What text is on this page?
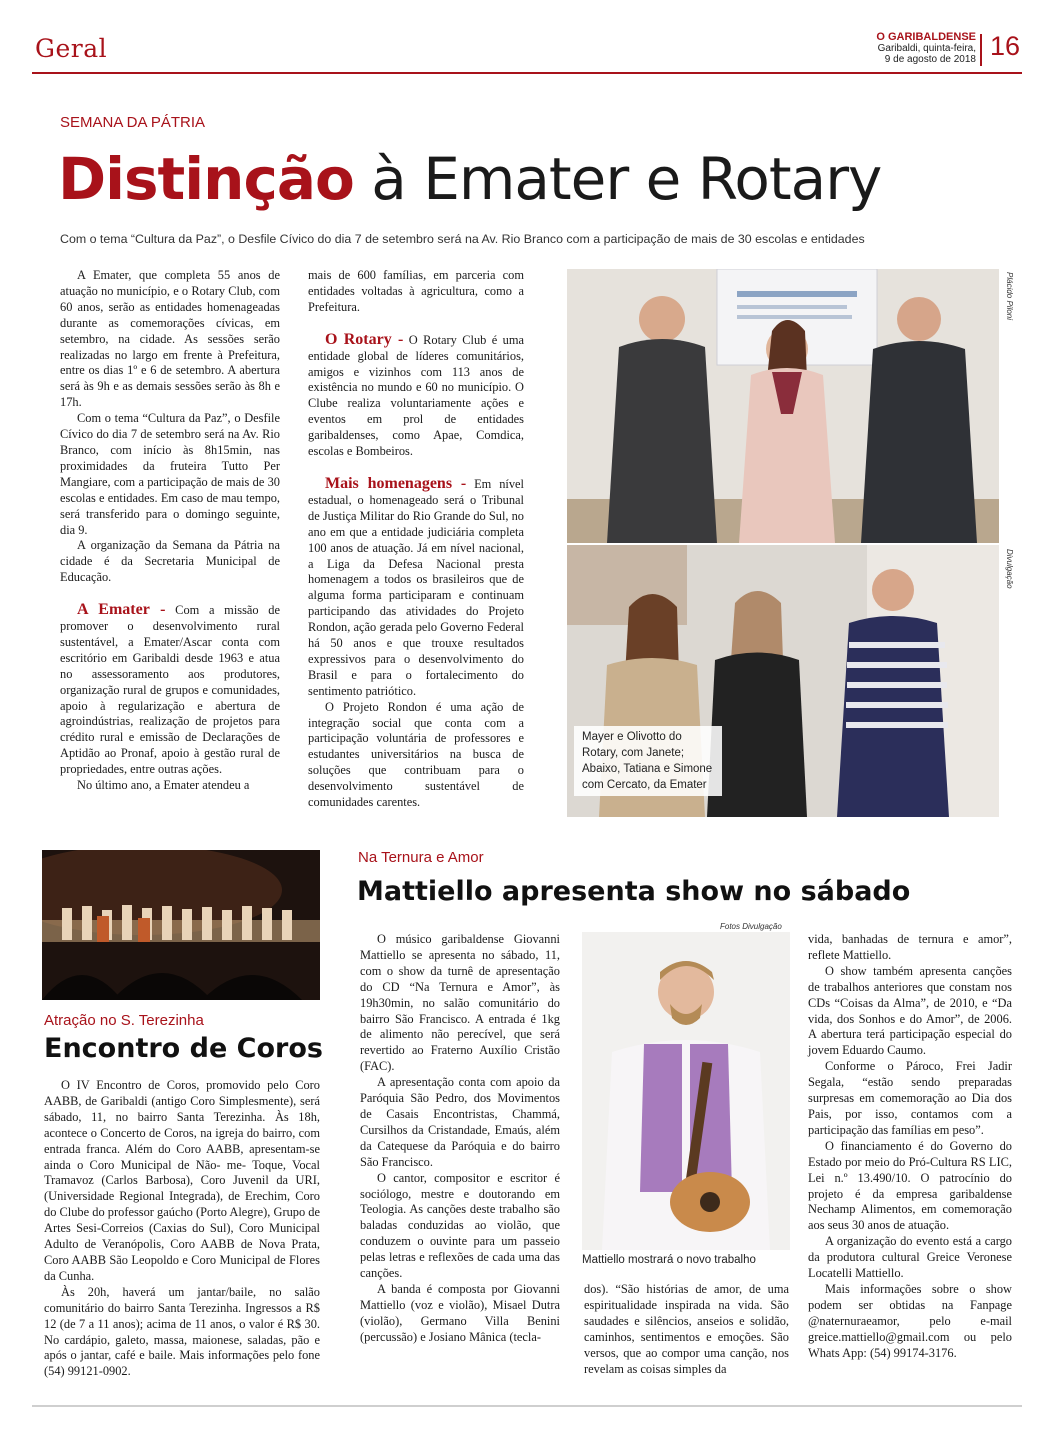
Geral	O GARIBALDENSE
Garibaldi, quinta-feira,
9 de agosto de 2018 16
SEMANA DA PÁTRIA
Distinção à Emater e Rotary
Com o tema “Cultura da Paz”, o Desfile Cívico do dia 7 de setembro será na Av. Rio Branco com a participação de mais de 30 escolas e entidades

A Emater, que completa 55 anos de atuação no município, e o Rotary Club, com 60 anos, serão as entidades homenageadas durante as comemorações cívicas, em setembro, na cidade. As sessões serão realizadas no largo em frente à Prefeitura, entre os dias 1º e 6 de setembro. A abertura será às 9h e as demais sessões serão às 8h e 17h.

Com o tema “Cultura da Paz”, o Desfile Cívico do dia 7 de setembro será na Av. Rio Branco, com início às 8h15min, nas proximidades da fruteira Tutto Per Mangiare, com a participação de mais de 30 escolas e entidades. Em caso de mau tempo, será transferido para o domingo seguinte, dia 9.

A organização da Semana da Pátria na cidade é da Secretaria Municipal de Educação.

A Emater - Com a missão de promover o desenvolvimento rural sustentável, a Emater/Ascar conta com escritório em Garibaldi desde 1963 e atua no assessoramento aos produtores, organização rural de grupos e comunidades, apoio à regularização e abertura de agroindústrias, realização de projetos para crédito rural e emissão de Declarações de Aptidão ao Pronaf, apoio à gestão rural de propriedades, entre outras ações.

No último ano, a Emater atendeu a

mais de 600 famílias, em parceria com entidades voltadas à agricultura, como a Prefeitura.

O Rotary - O Rotary Club é uma entidade global de líderes comunitários, amigos e vizinhos com 113 anos de existência no mundo e 60 no município. O Clube realiza voluntariamente ações e eventos em prol de entidades garibaldenses, como Apae, Comdica, escolas e Bombeiros.

Mais homenagens - Em nível estadual, o homenageado será o Tribunal de Justiça Militar do Rio Grande do Sul, no ano em que a entidade judiciária completa 100 anos de atuação. Já em nível nacional, a Liga da Defesa Nacional presta homenagem a todos os brasileiros que de alguma forma participaram e continuam participando das atividades do Projeto Rondon, ação gerada pelo Governo Federal há 50 anos e que trouxe resultados expressivos para o desenvolvimento do Brasil e para o fortalecimento do sentimento patriótico.

O Projeto Rondon é uma ação de integração social que conta com a participação voluntária de professores e estudantes universitários na busca de soluções que contribuam para o desenvolvimento sustentável de comunidades carentes.

Plácido Piloni
Divulgação
Mayer e Olivotto do Rotary, com Janete; Abaixo, Tatiana e Simone com Cercato, da Emater
Atração no S. Terezinha
Encontro de Coros

O IV Encontro de Coros, promovido pelo Coro AABB, de Garibaldi (antigo Coro Simplesmente), será sábado, 11, no bairro Santa Terezinha. Às 18h, acontece o Concerto de Coros, na igreja do bairro, com entrada franca. Além do Coro AABB, apresentam-se ainda o Coro Municipal de Não- me- Toque, Vocal Tramavoz (Carlos Barbosa), Coro Juvenil da URI, (Universidade Regional Integrada), de Erechim, Coro do Clube do professor gaúcho (Porto Alegre), Grupo de Artes Sesi-Correios (Caxias do Sul), Coro Municipal Adulto de Veranópolis, Coro AABB de Nova Prata, Coro AABB São Leopoldo e Coro Municipal de Flores da Cunha.

Às 20h, haverá um jantar/baile, no salão comunitário do bairro Santa Terezinha. Ingressos a R$ 12 (de 7 a 11 anos); acima de 11 anos, o valor é R$ 30. No cardápio, galeto, massa, maionese, saladas, pão e após o jantar, café e baile. Mais informações pelo fone (54) 99121-0902.

Na Ternura e Amor
Mattiello apresenta show no sábado

O músico garibaldense Giovanni Mattiello se apresenta no sábado, 11, com o show da turnê de apresentação do CD “Na Ternura e Amor”, às 19h30min, no salão comunitário do bairro São Francisco. A entrada é 1kg de alimento não perecível, que será revertido ao Fraterno Auxílio Cristão (FAC).

A apresentação conta com apoio da Paróquia São Pedro, dos Movimentos de Casais Encontristas, Chammá, Cursilhos da Cristandade, Emaús, além da Catequese da Paróquia e do bairro São Francisco.

O cantor, compositor e escritor é sociólogo, mestre e doutorando em Teologia. As canções deste trabalho são baladas conduzidas ao violão, que conduzem o ouvinte para um passeio pelas letras e reflexões de cada uma das canções.

A banda é composta por Giovanni Mattiello (voz e violão), Misael Dutra (violão), Germano Villa Benini (percussão) e Josiano Mânica (tecla-

Fotos Divulgação
Mattiello mostrará o novo trabalho

dos). “São histórias de amor, de uma espiritualidade inspirada na vida. São saudades e silêncios, anseios e solidão, caminhos, sentimentos e emoções. São versos, que ao compor uma canção, nos revelam as coisas simples da

vida, banhadas de ternura e amor”, reflete Mattiello.

O show também apresenta canções de trabalhos anteriores que constam nos CDs “Coisas da Alma”, de 2010, e “Da vida, dos Sonhos e do Amor”, de 2006. A abertura terá participação especial do jovem Eduardo Caumo.

Conforme o Pároco, Frei Jadir Segala, “estão sendo preparadas surpresas em comemoração ao Dia dos Pais, por isso, contamos com a participação das famílias em peso”.

O financiamento é do Governo do Estado por meio do Pró-Cultura RS LIC, Lei n.º 13.490/10. O patrocínio do projeto é da empresa garibaldense Nechamp Alimentos, em comemoração aos seus 30 anos de atuação.

A organização do evento está a cargo da produtora cultural Greice Veronese Locatelli Mattiello.

Mais informações sobre o show podem ser obtidas na Fanpage @naternuraeamor, pelo e-mail greice.mattiello@gmail.com ou pelo Whats App: (54) 99174-3176.
